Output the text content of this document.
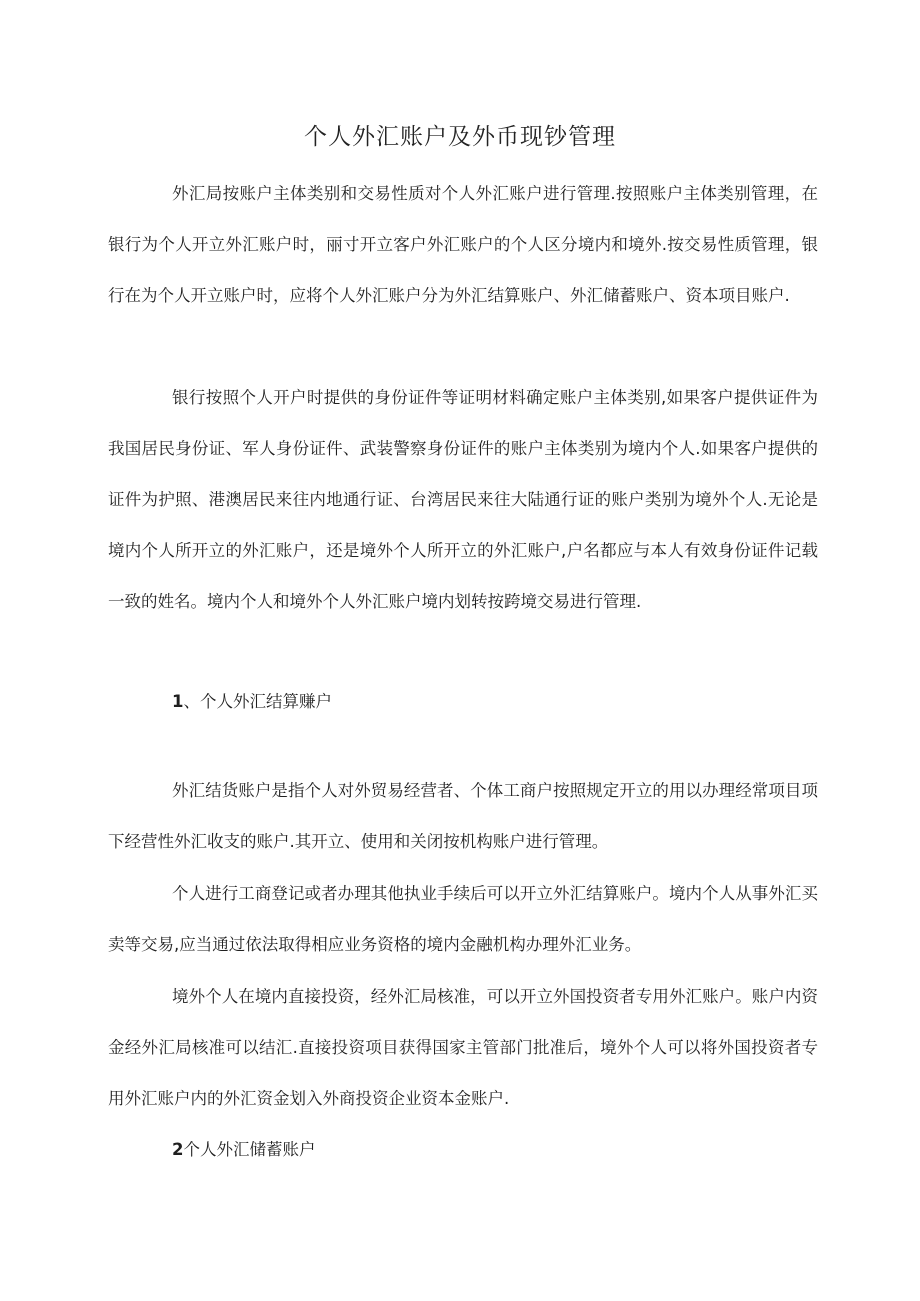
个人外汇账户及外币现钞管理

外汇局按账户主体类别和交易性质对个人外汇账户进行管理.按照账户主体类别管理，在银行为个人开立外汇账户时，丽寸开立客户外汇账户的个人区分境内和境外.按交易性质管理，银行在为个人开立账户时，应将个人外汇账户分为外汇结算账户、外汇储蓄账户、资本项目账户.

银行按照个人开户时提供的身份证件等证明材料确定账户主体类别,如果客户提供证件为我国居民身份证、军人身份证件、武装警察身份证件的账户主体类别为境内个人.如果客户提供的证件为护照、港澳居民来往内地通行证、台湾居民来往大陆通行证的账户类别为境外个人.无论是境内个人所开立的外汇账户，还是境外个人所开立的外汇账户,户名都应与本人有效身份证件记载一致的姓名。境内个人和境外个人外汇账户境内划转按跨境交易进行管理.

1、个人外汇结算赚户

外汇结货账户是指个人对外贸易经营者、个体工商户按照规定开立的用以办理经常项目项下经营性外汇收支的账户.其开立、使用和关闭按机构账户进行管理。

个人进行工商登记或者办理其他执业手续后可以开立外汇结算账户。境内个人从事外汇买卖等交易,应当通过依法取得相应业务资格的境内金融机构办理外汇业务。

境外个人在境内直接投资，经外汇局核准，可以开立外国投资者专用外汇账户。账户内资金经外汇局核准可以结汇.直接投资项目获得国家主管部门批准后，境外个人可以将外国投资者专用外汇账户内的外汇资金划入外商投资企业资本金账户.

2个人外汇储蓄账户
